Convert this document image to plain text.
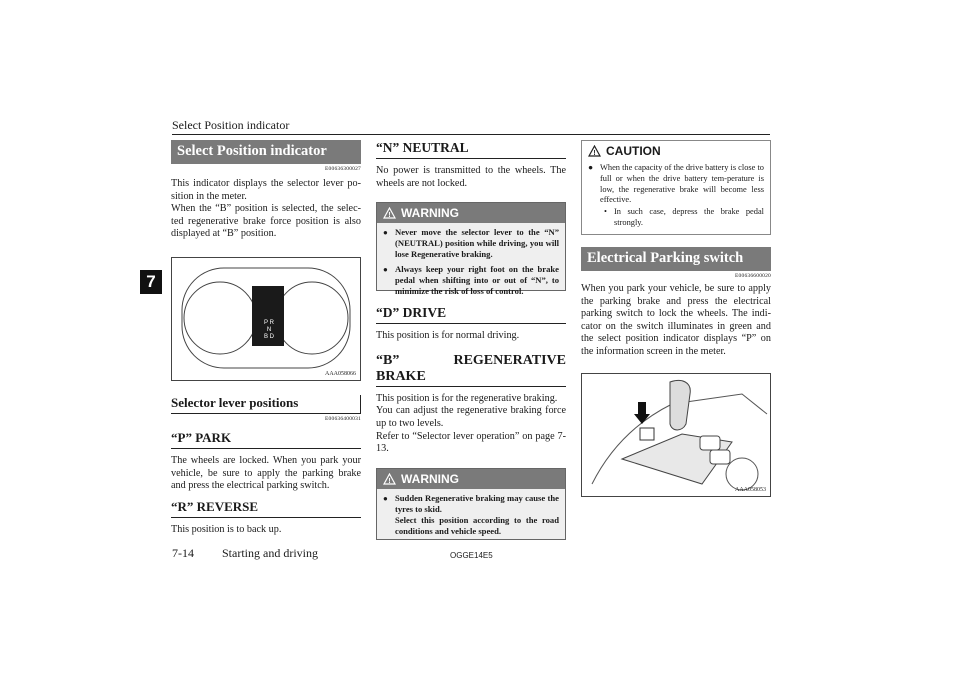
Select Position indicator
7
Select Position indicator
E00636300027

This indicator displays the selector lever po-sition in the meter.

When the “B” position is selected, the selec-ted regenerative brake force position is also displayed at “B” position.

P R
N
B D
AAA058066
Selector lever positions
E00636400031
“P” PARK

The wheels are locked. When you park your vehicle, be sure to apply the parking brake and press the electrical parking switch.

“R” REVERSE

This position is to back up.

“N” NEUTRAL

No power is transmitted to the wheels. The wheels are not locked.

! WARNING
● Never move the selector lever to the “N” (NEUTRAL) position while driving, you will lose Regenerative braking.
● Always keep your right foot on the brake pedal when shifting into or out of “N”, to minimize the risk of loss of control.
“D” DRIVE

This position is for normal driving.

“B”	REGENERATIVE
BRAKE

This position is for the regenerative braking.

You can adjust the regenerative braking force up to two levels.

Refer to “Selector lever operation” on page 7-13.

! WARNING
● Sudden Regenerative braking may cause the tyres to skid.
Select this position according to the road conditions and vehicle speed.
! CAUTION
● When the capacity of the drive battery is close to full or when the drive battery tem-perature is low, the regenerative brake will become less effective.
• In such case, depress the brake pedal strongly.
Electrical Parking switch
E00636600020

When you park your vehicle, be sure to apply the parking brake and press the electrical parking switch to lock the wheels. The indi-cator on the switch illuminates in green and the select position indicator displays “P” on the information screen in the meter.

AAA058053
7-14 Starting and driving	OGGE14E5
